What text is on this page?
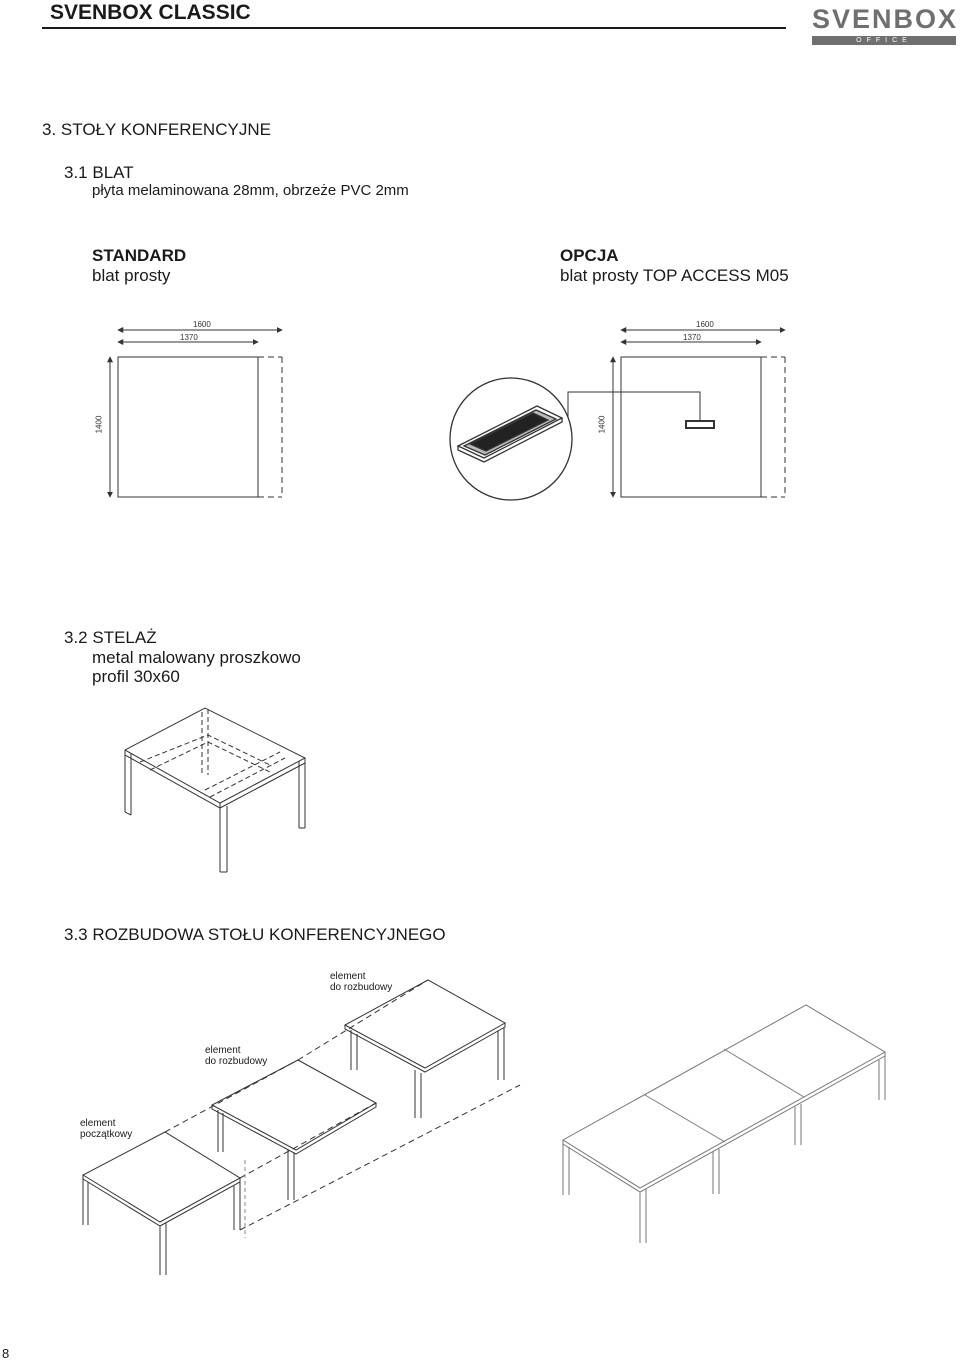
SVENBOX CLASSIC	SVENBOX
OFFICE SOLUTIONS
3. STOŁY KONFERENCYJNE
3.1 BLAT
płyta melaminowana 28mm, obrzeże PVC 2mm
STANDARD
blat prosty
OPCJA
blat prosty TOP ACCESS M05
1600
1370
1400
1600
1370
1400
3.2 STELAŻ
metal malowany proszkowo
profil 30x60
3.3 ROZBUDOWA STOŁU KONFERENCYJNEGO
element
do rozbudowy
element
do rozbudowy
element
początkowy
8
